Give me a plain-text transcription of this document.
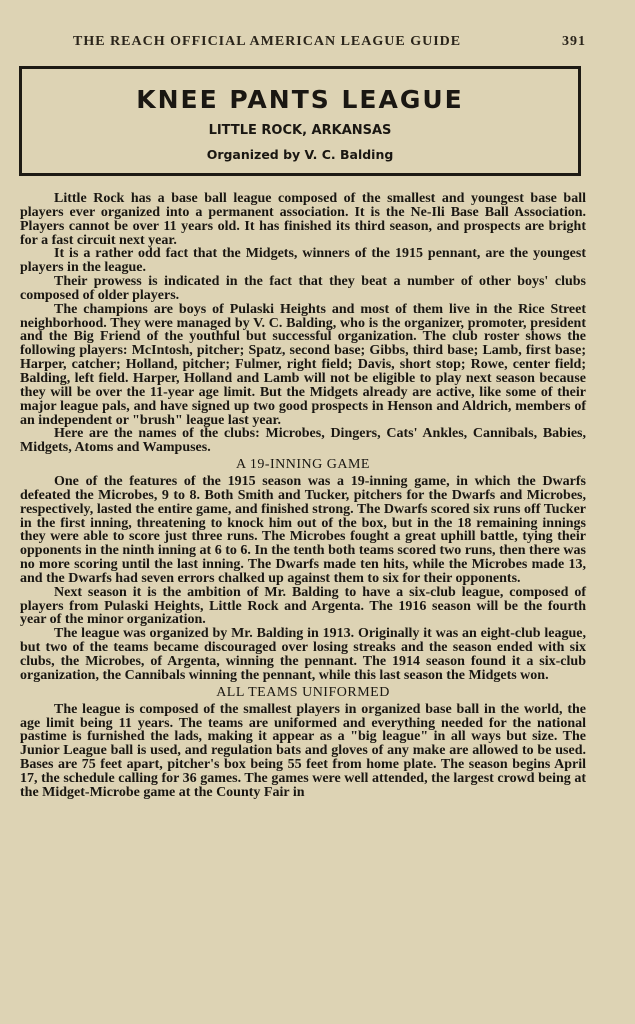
THE REACH OFFICIAL AMERICAN LEAGUE GUIDE	391
KNEE PANTS LEAGUE
LITTLE ROCK, ARKANSAS
Organized by V. C. Balding

Little Rock has a base ball league composed of the smallest and youngest base ball players ever organized into a permanent association. It is the Ne-Ili Base Ball Association. Players cannot be over 11 years old. It has finished its third season, and prospects are bright for a fast circuit next year.

It is a rather odd fact that the Midgets, winners of the 1915 pennant, are the youngest players in the league.

Their prowess is indicated in the fact that they beat a number of other boys' clubs composed of older players.

The champions are boys of Pulaski Heights and most of them live in the Rice Street neighborhood. They were managed by V. C. Balding, who is the organizer, promoter, president and the Big Friend of the youthful but successful organization. The club roster shows the following players: McIntosh, pitcher; Spatz, second base; Gibbs, third base; Lamb, first base; Harper, catcher; Holland, pitcher; Fulmer, right field; Davis, short stop; Rowe, center field; Balding, left field. Harper, Holland and Lamb will not be eligible to play next season because they will be over the 11-year age limit. But the Midgets already are active, like some of their major league pals, and have signed up two good prospects in Henson and Aldrich, members of an independent or "brush" league last year.

Here are the names of the clubs: Microbes, Dingers, Cats' Ankles, Cannibals, Babies, Midgets, Atoms and Wampuses.

A 19-INNING GAME

One of the features of the 1915 season was a 19-inning game, in which the Dwarfs defeated the Microbes, 9 to 8. Both Smith and Tucker, pitchers for the Dwarfs and Microbes, respectively, lasted the entire game, and finished strong. The Dwarfs scored six runs off Tucker in the first inning, threatening to knock him out of the box, but in the 18 remaining innings they were able to score just three runs. The Microbes fought a great uphill battle, tying their opponents in the ninth inning at 6 to 6. In the tenth both teams scored two runs, then there was no more scoring until the last inning. The Dwarfs made ten hits, while the Microbes made 13, and the Dwarfs had seven errors chalked up against them to six for their opponents.

Next season it is the ambition of Mr. Balding to have a six-club league, composed of players from Pulaski Heights, Little Rock and Argenta. The 1916 season will be the fourth year of the minor organization.

The league was organized by Mr. Balding in 1913. Originally it was an eight-club league, but two of the teams became discouraged over losing streaks and the season ended with six clubs, the Microbes, of Argenta, winning the pennant. The 1914 season found it a six-club organization, the Cannibals winning the pennant, while this last season the Midgets won.

ALL TEAMS UNIFORMED

The league is composed of the smallest players in organized base ball in the world, the age limit being 11 years. The teams are uniformed and everything needed for the national pastime is furnished the lads, making it appear as a "big league" in all ways but size. The Junior League ball is used, and regulation bats and gloves of any make are allowed to be used. Bases are 75 feet apart, pitcher's box being 55 feet from home plate. The season begins April 17, the schedule calling for 36 games. The games were well attended, the largest crowd being at the Midget-Microbe game at the County Fair in
